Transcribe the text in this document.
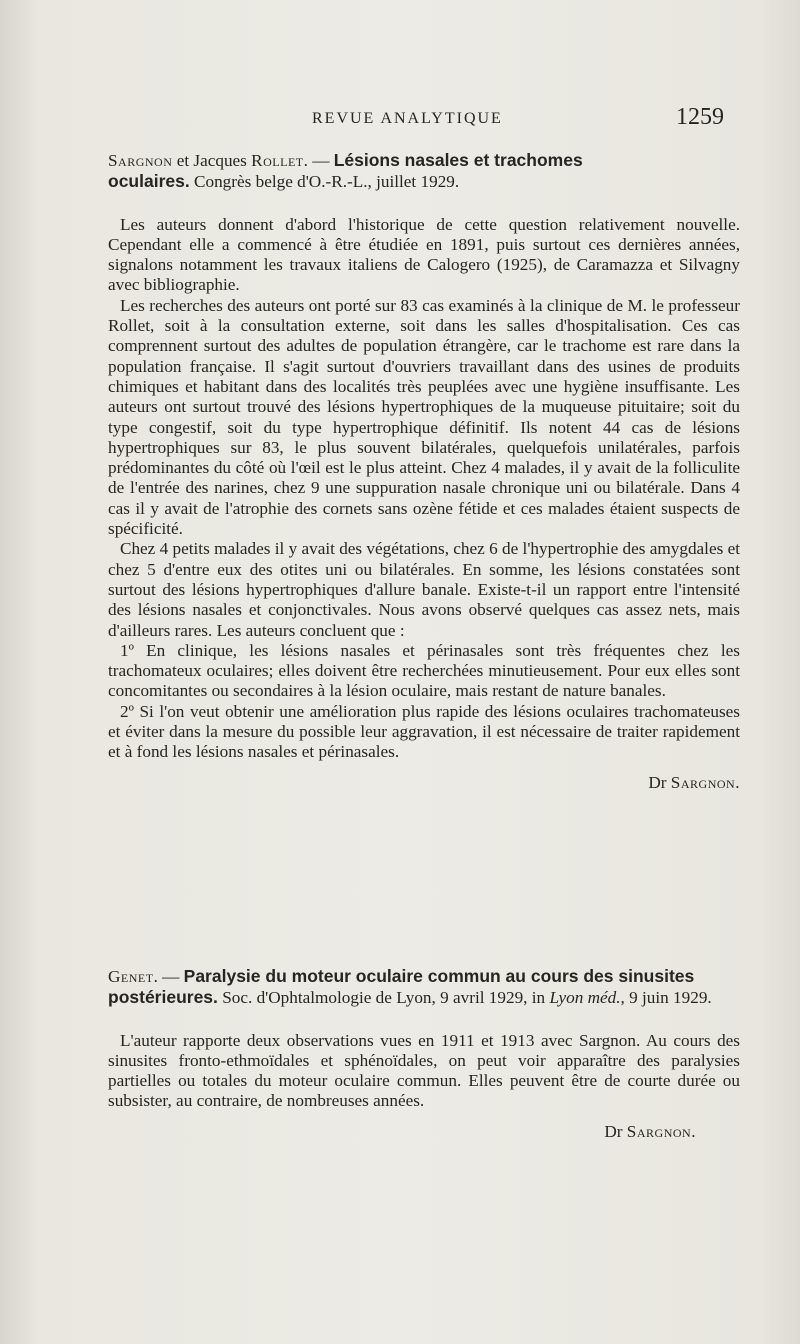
REVUE ANALYTIQUE	1259

Sargnon et Jacques Rollet. — Lésions nasales et trachomes
oculaires. Congrès belge d'O.-R.-L., juillet 1929.

Les auteurs donnent d'abord l'historique de cette question relativement nouvelle. Cependant elle a commencé à être étudiée en 1891, puis surtout ces dernières années, signalons notamment les travaux italiens de Calogero (1925), de Caramazza et Silvagny avec bibliographie.

Les recherches des auteurs ont porté sur 83 cas examinés à la clinique de M. le professeur Rollet, soit à la consultation externe, soit dans les salles d'hospitalisation. Ces cas comprennent surtout des adultes de population étrangère, car le trachome est rare dans la population française. Il s'agit surtout d'ouvriers travaillant dans des usines de produits chimiques et habitant dans des localités très peuplées avec une hygiène insuffisante. Les auteurs ont surtout trouvé des lésions hypertrophiques de la muqueuse pituitaire; soit du type congestif, soit du type hypertrophique définitif. Ils notent 44 cas de lésions hypertrophiques sur 83, le plus souvent bilatérales, quelquefois unilatérales, parfois prédominantes du côté où l'œil est le plus atteint. Chez 4 malades, il y avait de la folliculite de l'entrée des narines, chez 9 une suppuration nasale chronique uni ou bilatérale. Dans 4 cas il y avait de l'atrophie des cornets sans ozène fétide et ces malades étaient suspects de spécificité.

Chez 4 petits malades il y avait des végétations, chez 6 de l'hypertrophie des amygdales et chez 5 d'entre eux des otites uni ou bilatérales. En somme, les lésions constatées sont surtout des lésions hypertrophiques d'allure banale. Existe-t-il un rapport entre l'intensité des lésions nasales et conjonctivales. Nous avons observé quelques cas assez nets, mais d'ailleurs rares. Les auteurs concluent que :

1º En clinique, les lésions nasales et périnasales sont très fréquentes chez les trachomateux oculaires; elles doivent être recherchées minutieusement. Pour eux elles sont concomitantes ou secondaires à la lésion oculaire, mais restant de nature banales.

2º Si l'on veut obtenir une amélioration plus rapide des lésions oculaires trachomateuses et éviter dans la mesure du possible leur aggravation, il est nécessaire de traiter rapidement et à fond les lésions nasales et périnasales.

Dr Sargnon.

Genet. — Paralysie du moteur oculaire commun au cours des sinusites postérieures. Soc. d'Ophtalmologie de Lyon, 9 avril 1929, in Lyon méd., 9 juin 1929.

L'auteur rapporte deux observations vues en 1911 et 1913 avec Sargnon. Au cours des sinusites fronto-ethmoïdales et sphénoïdales, on peut voir apparaître des paralysies partielles ou totales du moteur oculaire commun. Elles peuvent être de courte durée ou subsister, au contraire, de nombreuses années.

Dr Sargnon.
